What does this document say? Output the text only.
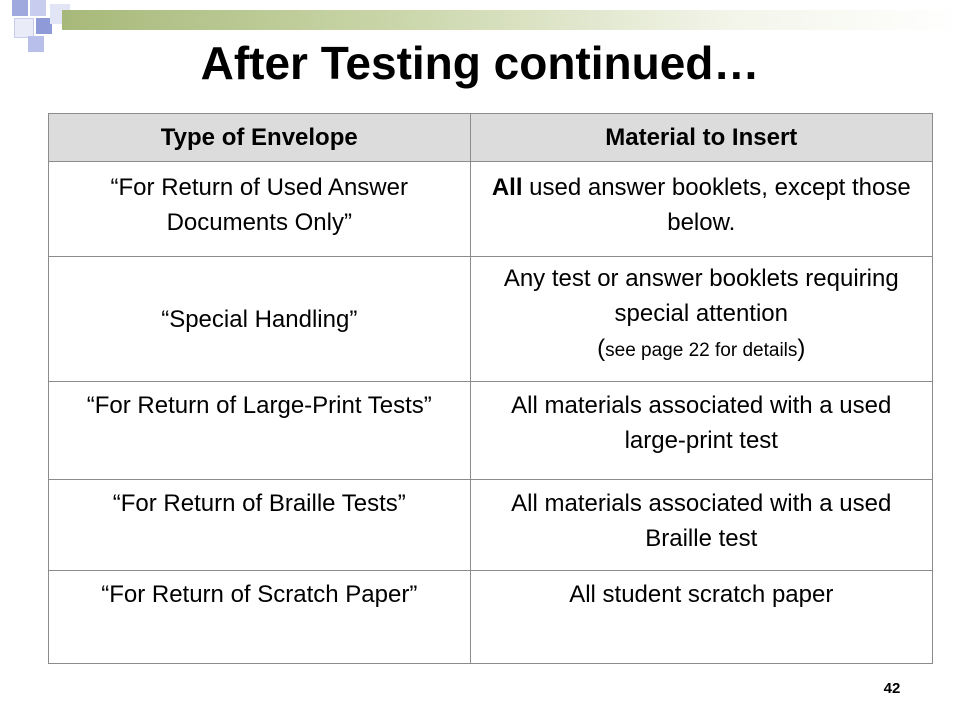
After Testing continued…
Type of Envelope	Material to Insert
“For Return of Used Answer Documents Only”	All used answer booklets, except those below.
“Special Handling”	Any test or answer booklets requiring special attention
(see page 22 for details)
“For Return of Large-Print Tests”	All materials associated with a used large-print test
“For Return of Braille Tests”	All materials associated with a used Braille test
“For Return of Scratch Paper”	All student scratch paper
42
